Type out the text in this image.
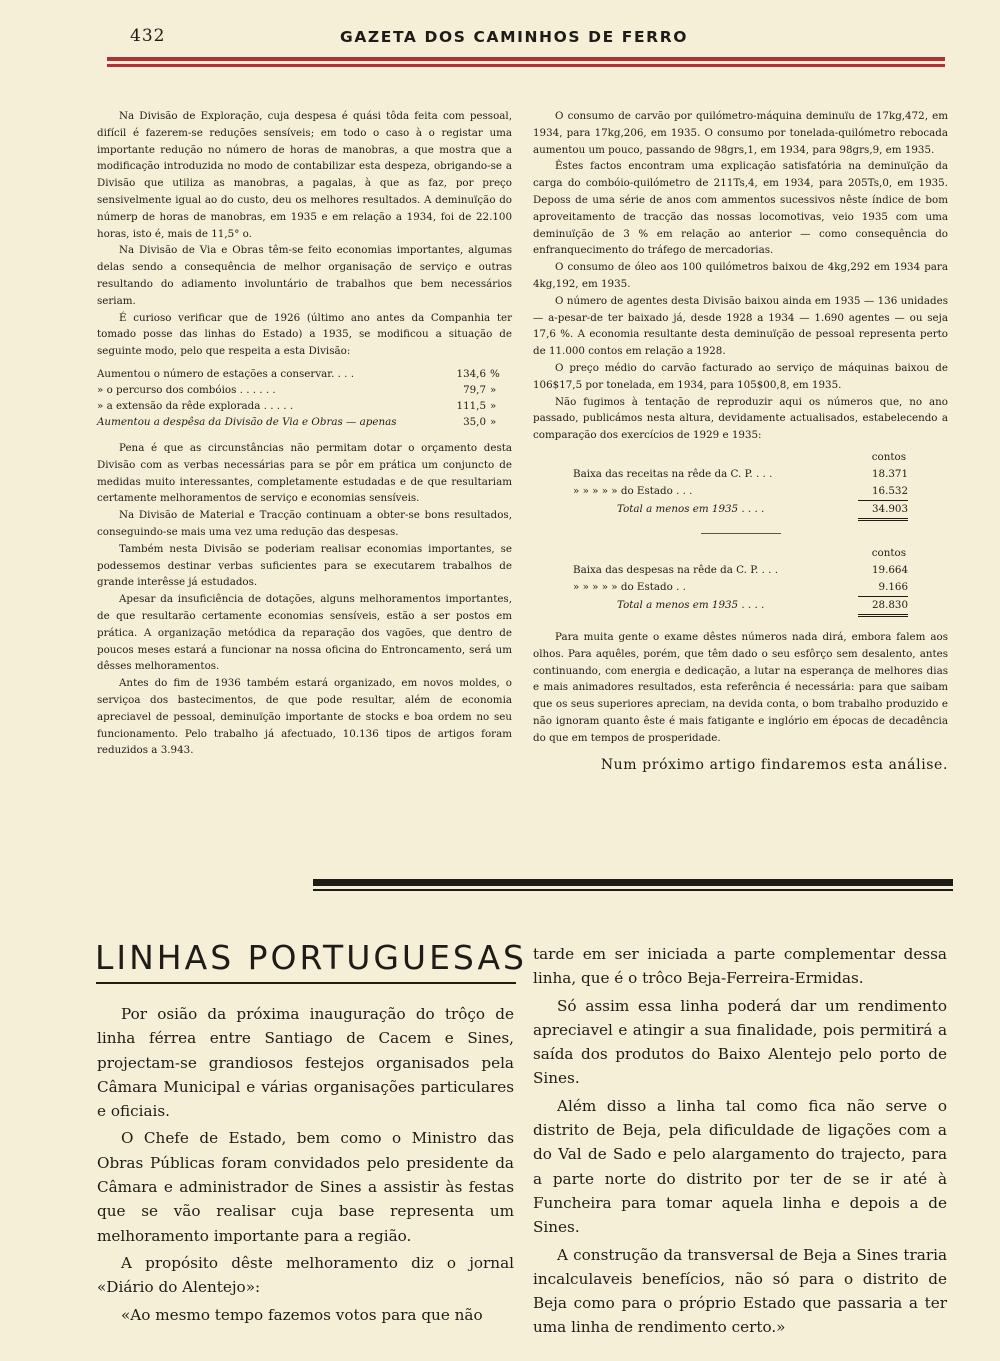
432	GAZETA DOS CAMINHOS DE FERRO

Na Divisão de Exploração, cuja despesa é quási tôda feita com pessoal, difícil é fazerem-se reduções sensíveis; em todo o caso à o registar uma importante redução no número de horas de manobras, a que mostra que a modificação introduzida no modo de contabilizar esta despeza, obrigando-se a Divisão que utiliza as manobras, a pagalas, à que as faz, por preço sensivelmente igual ao do custo, deu os melhores resultados. A deminuïção do númerp de horas de manobras, em 1935 e em relação a 1934, foi de 22.100 horas, isto é, mais de 11,5° o.

Na Divisão de Via e Obras têm-se feito economias importantes, algumas delas sendo a consequência de melhor organisação de serviço e outras resultando do adiamento involuntário de trabalhos que bem necessários seriam.

É curioso verificar que de 1926 (último ano antes da Companhia ter tomado posse das linhas do Estado) a 1935, se modificou a situação de seguinte modo, pelo que respeita a esta Divisão:

Aumentou o número de estações a conservar. . . .	134,6	%
» o percurso dos combóios . . . . . .	79,7	»
» a extensão da rêde explorada . . . . .	111,5	»
Aumentou a despêsa da Divisão de Via e Obras — apenas	35,0	»

Pena é que as circunstâncias não permitam dotar o orçamento desta Divisão com as verbas necessárias para se pôr em prática um conjuncto de medidas muito interessantes, completamente estudadas e de que resultariam certamente melhoramentos de serviço e economias sensíveis.

Na Divisão de Material e Tracção continuam a obter-se bons resultados, conseguindo-se mais uma vez uma redução das despesas.

Também nesta Divisão se poderiam realisar economias importantes, se podessemos destinar verbas suficientes para se executarem trabalhos de grande interêsse já estudados.

Apesar da insuficiência de dotações, alguns melhoramentos importantes, de que resultarão certamente economias sensíveis, estão a ser postos em prática. A organização metódica da reparação dos vagões, que dentro de poucos meses estará a funcionar na nossa oficina do Entroncamento, será um dêsses melhoramentos.

Antes do fim de 1936 também estará organizado, em novos moldes, o serviçoa dos bastecimentos, de que pode resultar, além de economia apreciavel de pessoal, deminuïção importante de stocks e boa ordem no seu funcionamento. Pelo trabalho já afectuado, 10.136 tipos de artigos foram reduzidos a 3.943.

O consumo de carvão por quilómetro-máquina deminuïu de 17kg,472, em 1934, para 17kg,206, em 1935. O consumo por tonelada-quilómetro rebocada aumentou um pouco, passando de 98grs,1, em 1934, para 98grs,9, em 1935.

Êstes factos encontram uma explicação satisfatória na deminuïção da carga do combóio-quilómetro de 211Ts,4, em 1934, para 205Ts,0, em 1935. Deposs de uma série de anos com ammentos sucessivos nêste índice de bom aproveitamento de tracção das nossas locomotivas, veio 1935 com uma deminuïção de 3 % em relação ao anterior — como consequência do enfranquecimento do tráfego de mercadorias.

O consumo de óleo aos 100 quilómetros baixou de 4kg,292 em 1934 para 4kg,192, em 1935.

O número de agentes desta Divisão baixou ainda em 1935 — 136 unidades — a-pesar-de ter baixado já, desde 1928 a 1934 — 1.690 agentes — ou seja 17,6 %. A economia resultante desta deminuïção de pessoal representa perto de 11.000 contos em relação a 1928.

O preço médio do carvão facturado ao serviço de máquinas baixou de 106$17,5 por tonelada, em 1934, para 105$00,8, em 1935.

Não fugimos à tentação de reproduzir aqui os números que, no ano passado, publicámos nesta altura, devidamente actualisados, estabelecendo a comparação dos exercícios de 1929 e 1935:

contos
Baixa das receitas na rêde da C. P. . . .	18.371
» » » » » do Estado . . .	16.532
Total a menos em 1935 . . . .	34.903
contos
Baixa das despesas na rêde da C. P. . . .	19.664
» » » » » do Estado . .	9.166
Total a menos em 1935 . . . .	28.830

Para muita gente o exame dêstes números nada dirá, embora falem aos olhos. Para aquêles, porém, que têm dado o seu esfôrço sem desalento, antes continuando, com energia e dedicação, a lutar na esperança de melhores dias e mais animadores resultados, esta referência é necessária: para que saibam que os seus superiores apreciam, na devida conta, o bom trabalho produzido e não ignoram quanto êste é mais fatigante e inglório em épocas de decadência do que em tempos de prosperidade.

Num próximo artigo findaremos esta análise.
LINHAS PORTUGUESAS

Por osião da próxima inauguração do trôço de linha férrea entre Santiago de Cacem e Sines, projectam-se grandiosos festejos organisados pela Câmara Municipal e várias organisações particulares e oficiais.

O Chefe de Estado, bem como o Ministro das Obras Públicas foram convidados pelo presidente da Câmara e administrador de Sines a assistir às festas que se vão realisar cuja base representa um melhoramento importante para a região.

A propósito dêste melhoramento diz o jornal «Diário do Alentejo»:

«Ao mesmo tempo fazemos votos para que não

tarde em ser iniciada a parte complementar dessa linha, que é o trôco Beja-Ferreira-Ermidas.

Só assim essa linha poderá dar um rendimento apreciavel e atingir a sua finalidade, pois permitirá a saída dos produtos do Baixo Alentejo pelo porto de Sines.

Além disso a linha tal como fica não serve o distrito de Beja, pela dificuldade de ligações com a do Val de Sado e pelo alargamento do trajecto, para a parte norte do distrito por ter de se ir até à Funcheira para tomar aquela linha e depois a de Sines.

A construção da transversal de Beja a Sines traria incalculaveis benefícios, não só para o distrito de Beja como para o próprio Estado que passaria a ter uma linha de rendimento certo.»
